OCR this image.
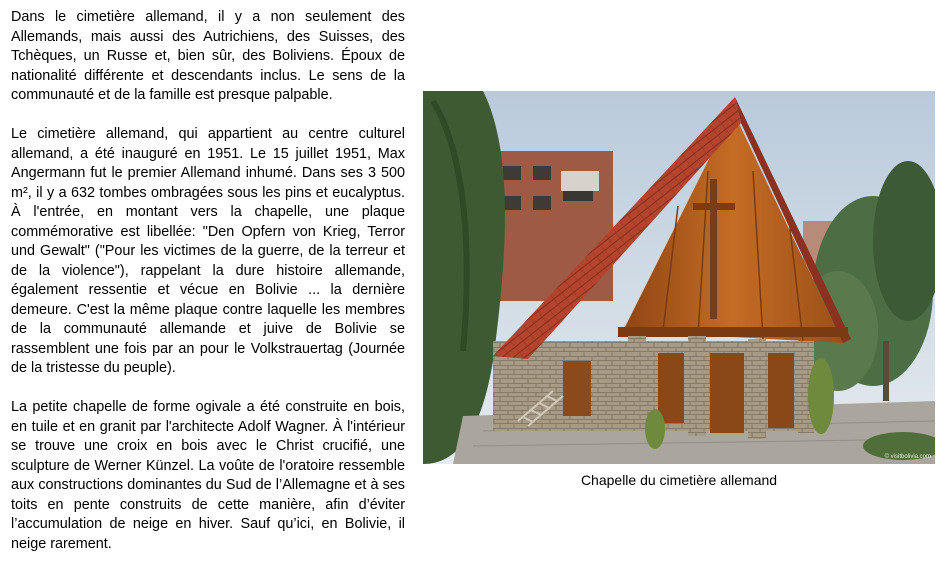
Dans le cimetière allemand, il y a non seulement des Allemands, mais aussi des Autrichiens, des Suisses, des Tchèques, un Russe et, bien sûr, des Boliviens. Époux de nationalité différente et descendants inclus. Le sens de la communauté et de la famille est presque palpable.

Le cimetière allemand, qui appartient au centre culturel allemand, a été inauguré en 1951. Le 15 juillet 1951, Max Angermann fut le premier Allemand inhumé. Dans ses 3 500 m², il y a 632 tombes ombragées sous les pins et eucalyptus. À l'entrée, en montant vers la chapelle, une plaque commémorative est libellée: "Den Opfern von Krieg, Terror und Gewalt" ("Pour les victimes de la guerre, de la terreur et de la violence"), rappelant la dure histoire allemande, également ressentie et vécue en Bolivie ... la dernière demeure. C'est la même plaque contre laquelle les membres de la communauté allemande et juive de Bolivie se rassemblent une fois par an pour le Volkstrauertag (Journée de la tristesse du peuple).

La petite chapelle de forme ogivale a été construite en bois, en tuile et en granit par l'architecte Adolf Wagner. À l'intérieur se trouve une croix en bois avec le Christ crucifié, une sculpture de Werner Künzel. La voûte de l'oratoire ressemble aux constructions dominantes du Sud de l’Allemagne et à ses toits en pente construits de cette manière, afin d’éviter l’accumulation de neige en hiver. Sauf qu’ici, en Bolivie, il neige rarement.

© visitbolivia.com
Chapelle du cimetière allemand
